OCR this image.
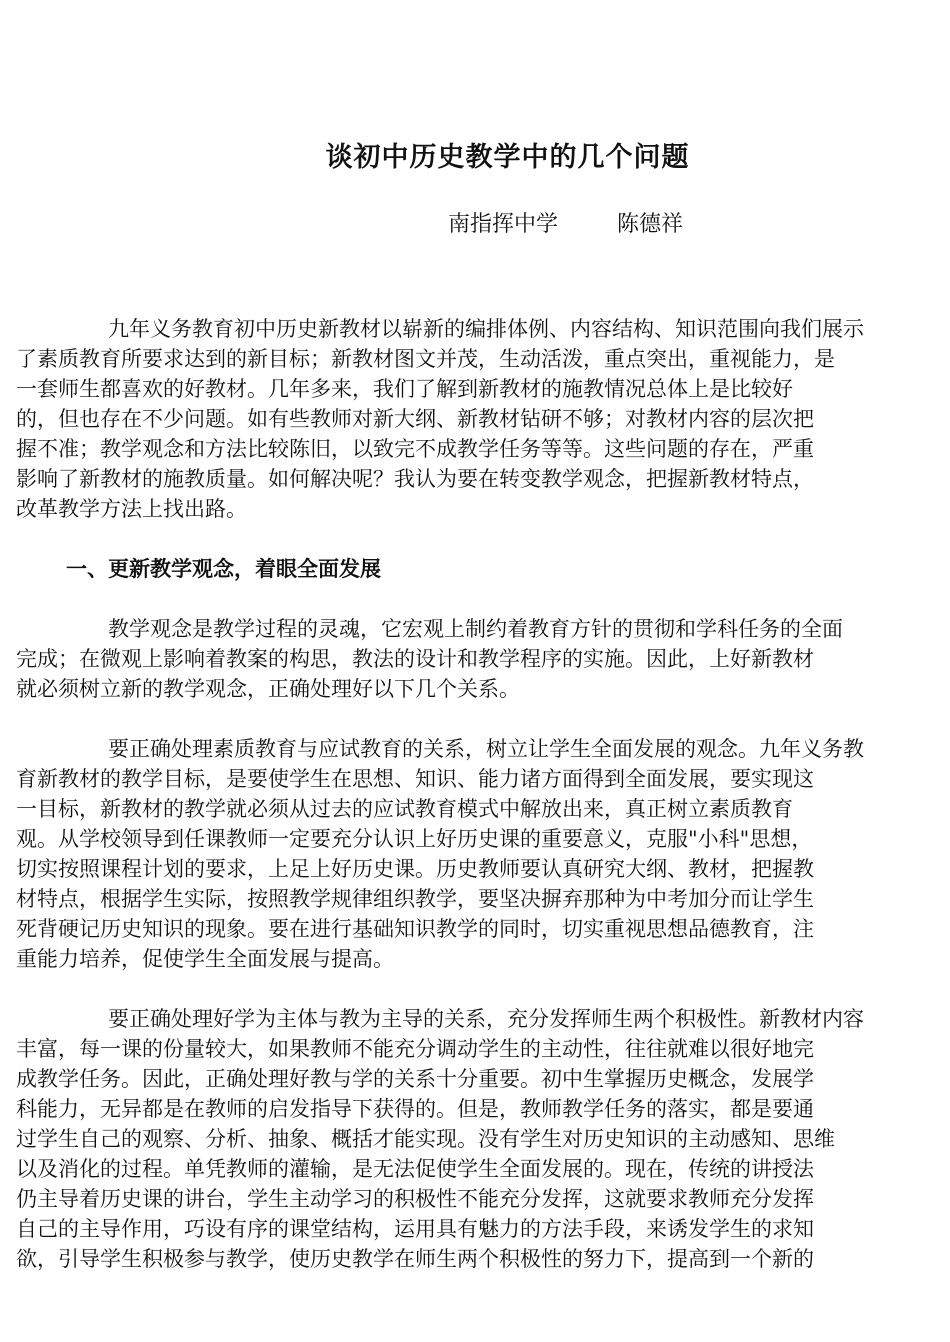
谈初中历史教学中的几个问题
南指挥中学	陈德祥
九年义务教育初中历史新教材以崭新的编排体例、内容结构、知识范围向我们展示
了素质教育所要求达到的新目标；新教材图文并茂，生动活泼，重点突出，重视能力，是
一套师生都喜欢的好教材。几年多来，我们了解到新教材的施教情况总体上是比较好
的，但也存在不少问题。如有些教师对新大纲、新教材钻研不够；对教材内容的层次把
握不准；教学观念和方法比较陈旧，以致完不成教学任务等等。这些问题的存在，严重
影响了新教材的施教质量。如何解决呢？我认为要在转变教学观念，把握新教材特点，
改革教学方法上找出路。
一、更新教学观念，着眼全面发展
教学观念是教学过程的灵魂，它宏观上制约着教育方针的贯彻和学科任务的全面
完成；在微观上影响着教案的构思，教法的设计和教学程序的实施。因此，上好新教材
就必须树立新的教学观念，正确处理好以下几个关系。
要正确处理素质教育与应试教育的关系，树立让学生全面发展的观念。九年义务教
育新教材的教学目标，是要使学生在思想、知识、能力诸方面得到全面发展，要实现这
一目标，新教材的教学就必须从过去的应试教育模式中解放出来，真正树立素质教育
观。从学校领导到任课教师一定要充分认识上好历史课的重要意义，克服"小科"思想，
切实按照课程计划的要求，上足上好历史课。历史教师要认真研究大纲、教材，把握教
材特点，根据学生实际，按照教学规律组织教学，要坚决摒弃那种为中考加分而让学生
死背硬记历史知识的现象。要在进行基础知识教学的同时，切实重视思想品德教育，注
重能力培养，促使学生全面发展与提高。
要正确处理好学为主体与教为主导的关系，充分发挥师生两个积极性。新教材内容
丰富，每一课的份量较大，如果教师不能充分调动学生的主动性，往往就难以很好地完
成教学任务。因此，正确处理好教与学的关系十分重要。初中生掌握历史概念，发展学
科能力，无异都是在教师的启发指导下获得的。但是，教师教学任务的落实，都是要通
过学生自己的观察、分析、抽象、概括才能实现。没有学生对历史知识的主动感知、思维
以及消化的过程。单凭教师的灌输，是无法促使学生全面发展的。现在，传统的讲授法
仍主导着历史课的讲台，学生主动学习的积极性不能充分发挥，这就要求教师充分发挥
自己的主导作用，巧设有序的课堂结构，运用具有魅力的方法手段，来诱发学生的求知
欲，引导学生积极参与教学，使历史教学在师生两个积极性的努力下，提高到一个新的
